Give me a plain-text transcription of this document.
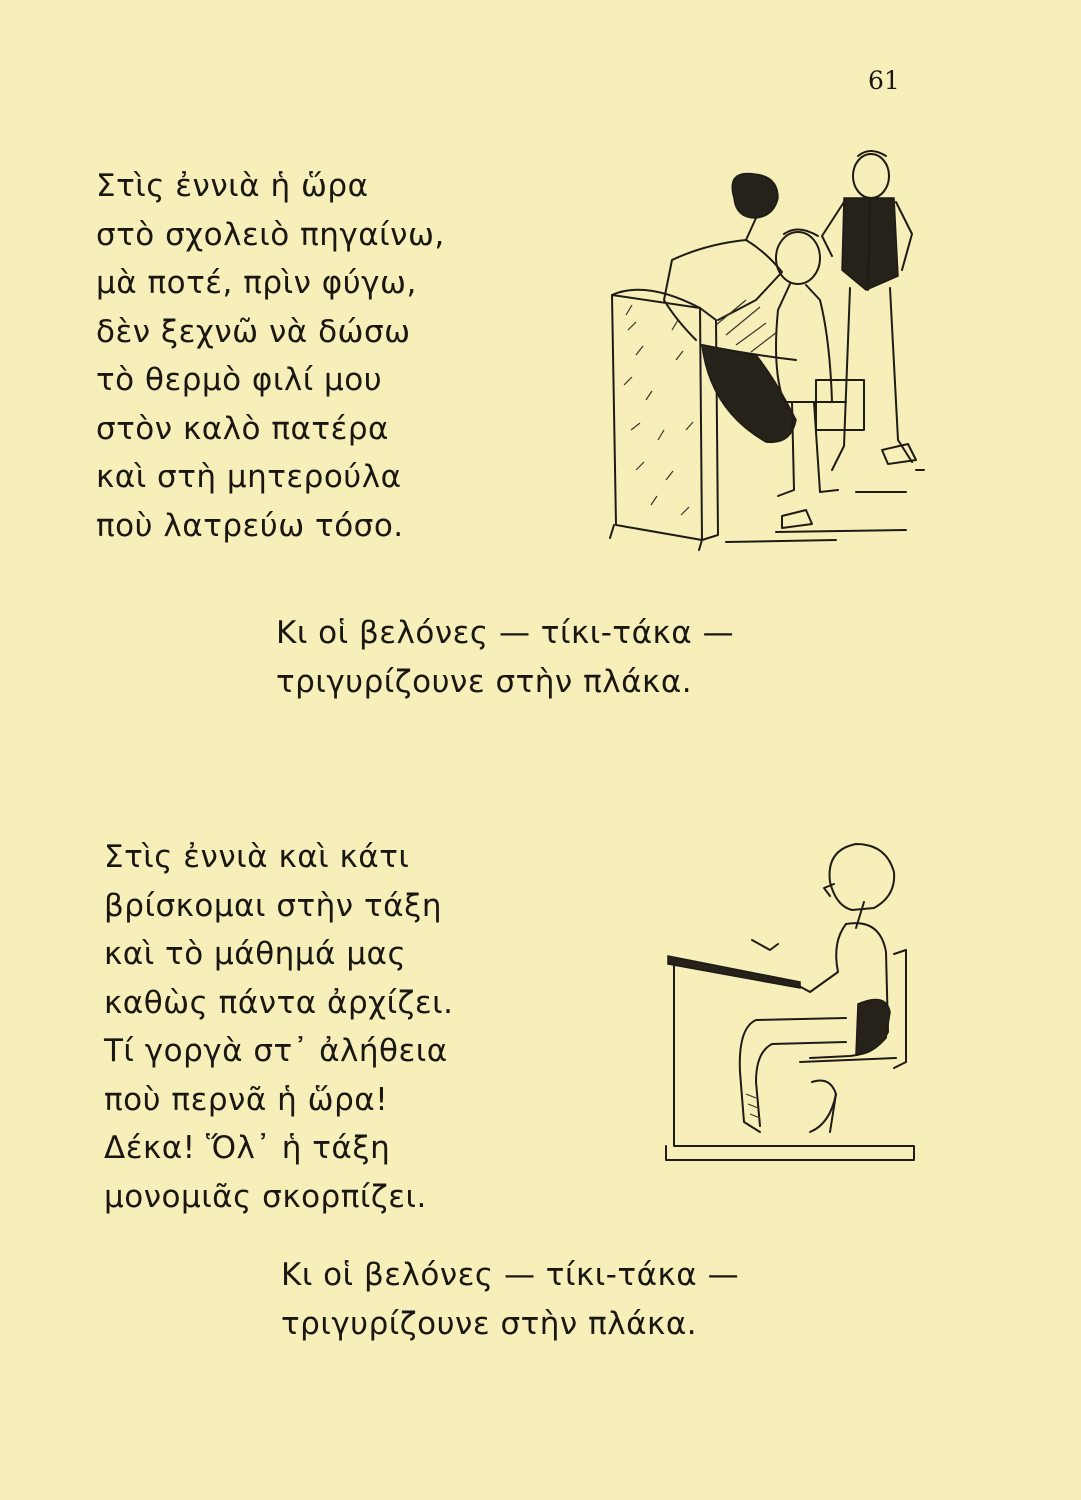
61
Στὶς ἐννιὰ ἡ ὥρα
στὸ σχολειὸ πηγαίνω,
μὰ ποτέ, πρὶν φύγω,
δὲν ξεχνῶ νὰ δώσω
τὸ θερμὸ φιλί μου
στὸν καλὸ πατέρα
καὶ στὴ μητερούλα
ποὺ λατρεύω τόσο.
Κι οἱ βελόνες — τίκι-τάκα —
τριγυρίζουνε στὴν πλάκα.
Στὶς ἐννιὰ καὶ κάτι
βρίσκομαι στὴν τάξη
καὶ τὸ μάθημά μας
καθὼς πάντα ἀρχίζει.
Τί γοργὰ στ᾽ ἀλήθεια
ποὺ περνᾶ ἡ ὥρα!
Δέκα! Ὅλ᾽ ἡ τάξη
μονομιᾶς σκορπίζει.
Κι οἱ βελόνες — τίκι-τάκα —
τριγυρίζουνε στὴν πλάκα.
